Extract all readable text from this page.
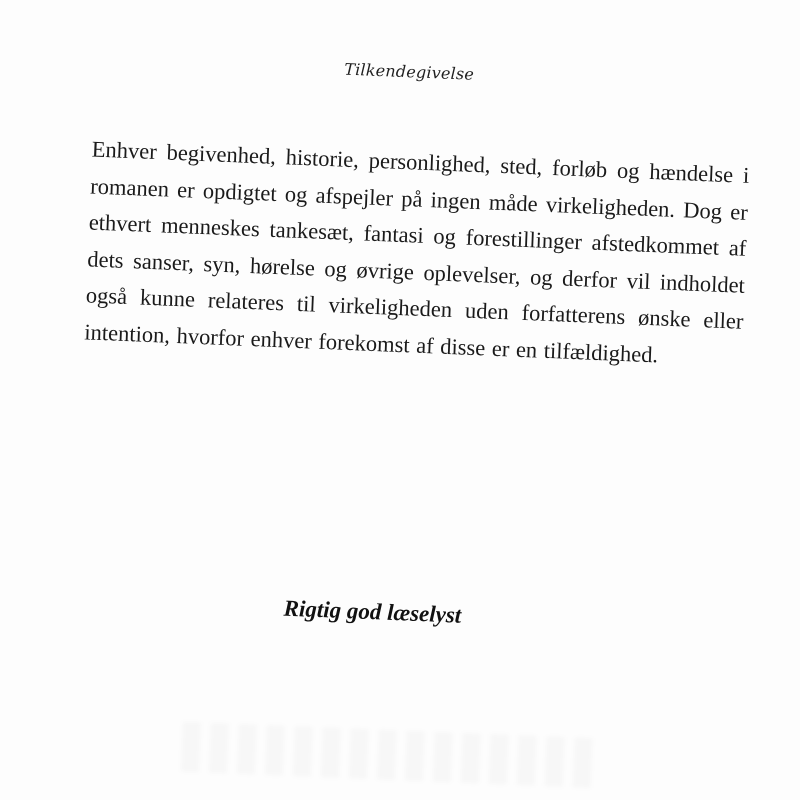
Tilkendegivelse

Enhver begivenhed, historie, personlighed, sted, forløb og hændelse i romanen er opdigtet og afspejler på ingen måde virkeligheden. Dog er ethvert menneskes tankesæt, fantasi og forestillinger afstedkommet af dets sanser, syn, hørelse og øvrige oplevelser, og derfor vil indholdet også kunne relateres til virkeligheden uden forfatterens ønske eller intention, hvorfor enhver forekomst af disse er en tilfældighed.

Rigtig god læselyst
